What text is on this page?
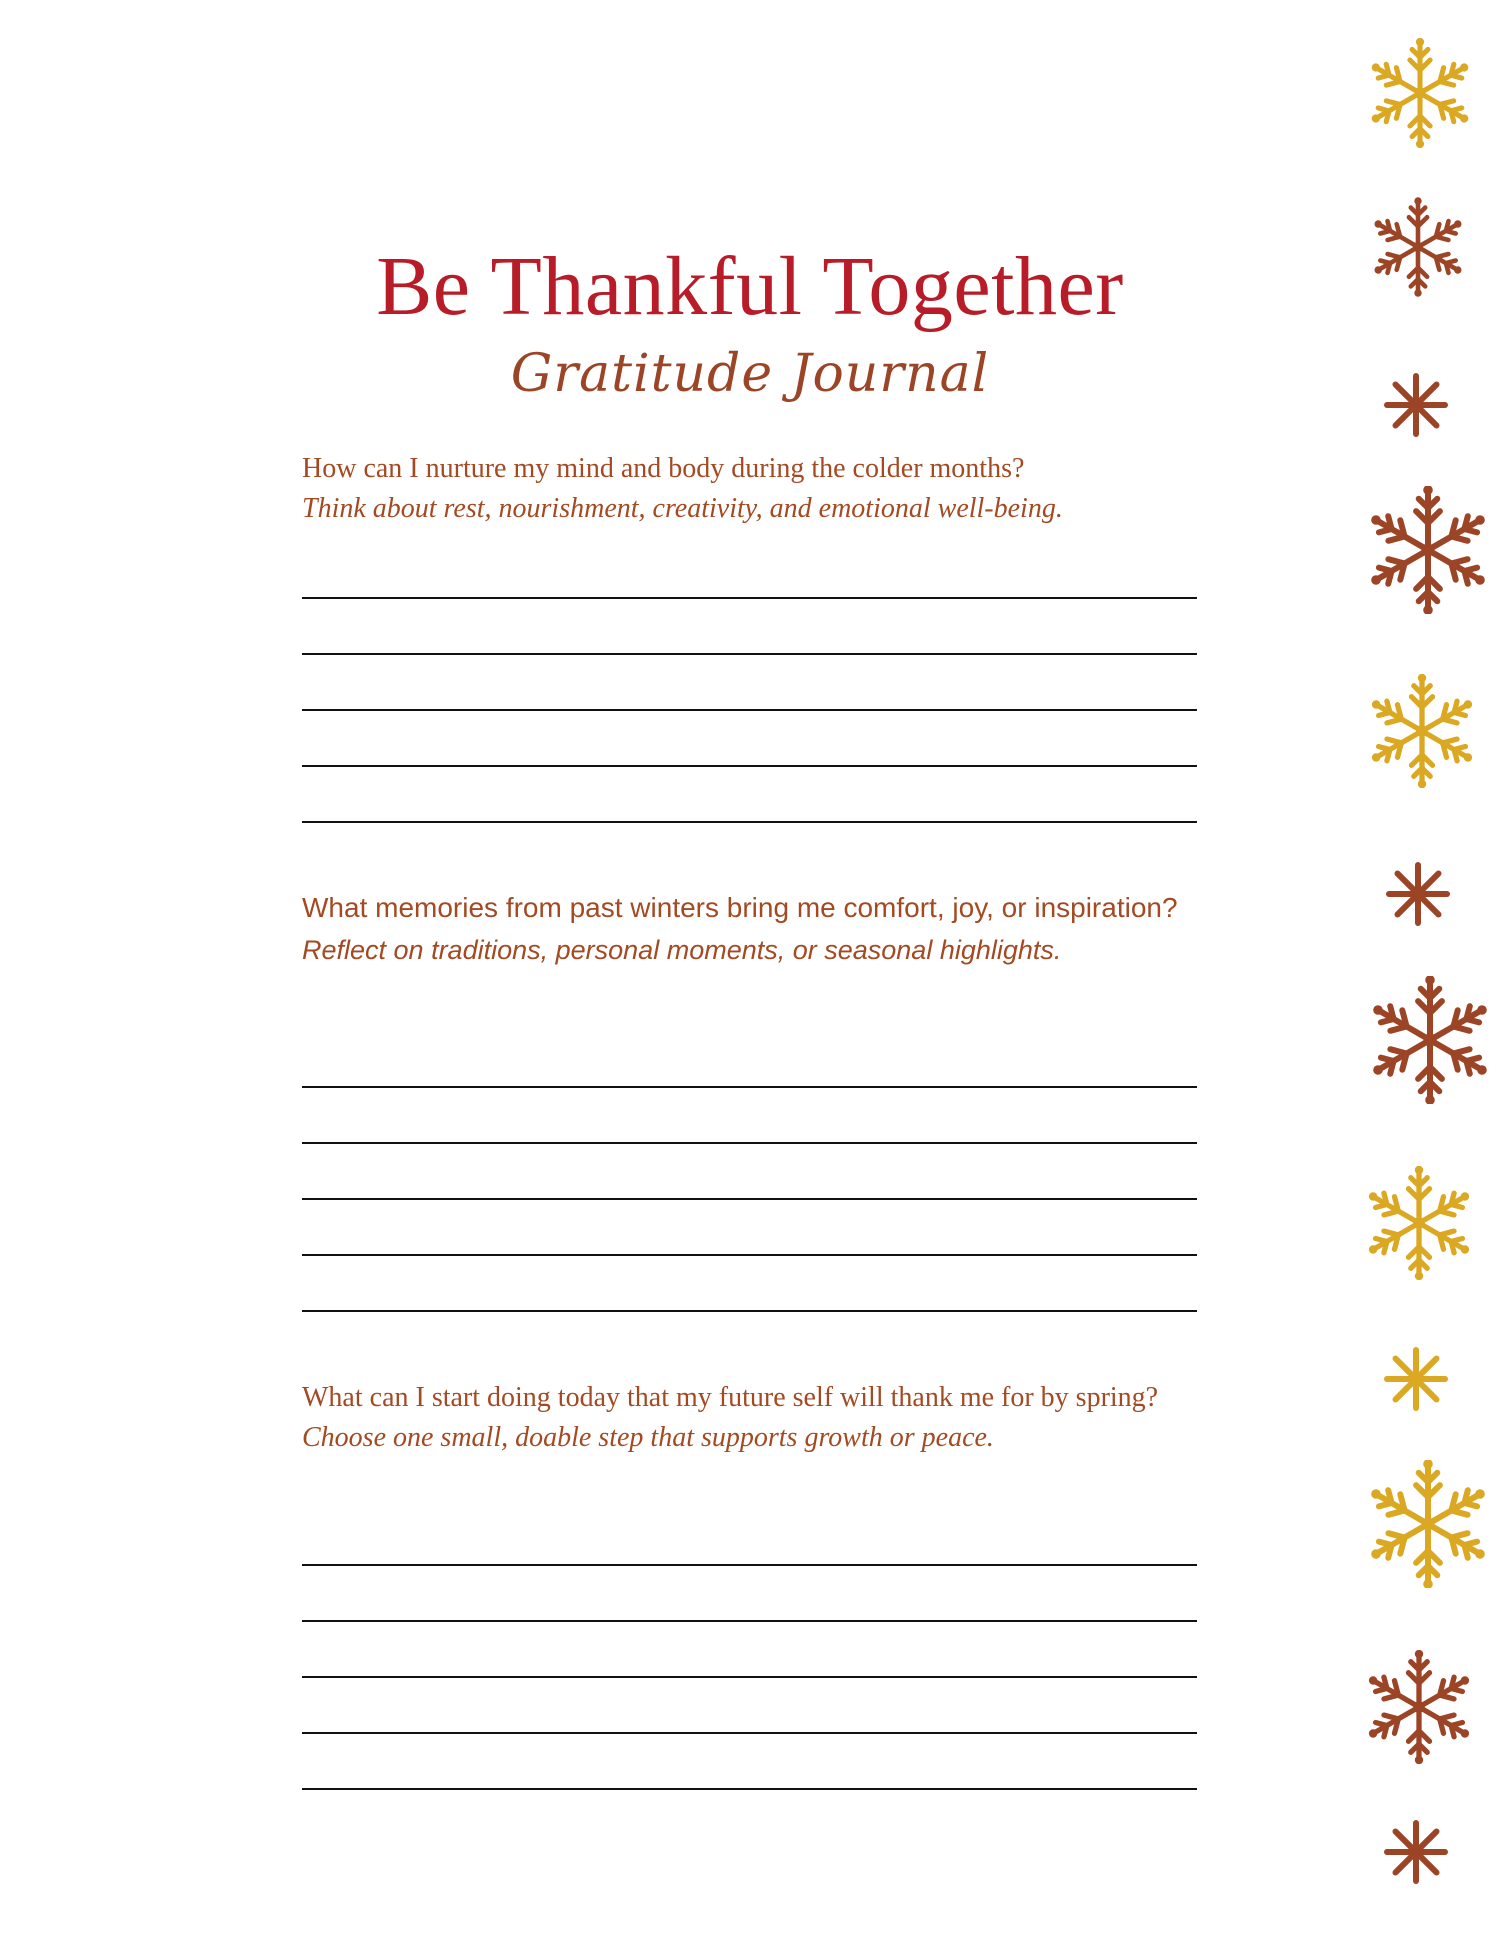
Be Thankful Together
Gratitude Journal
How can I nurture my mind and body during the colder months?
Think about rest, nourishment, creativity, and emotional well-being.
What memories from past winters bring me comfort, joy, or inspiration?
Reflect on traditions, personal moments, or seasonal highlights.
What can I start doing today that my future self will thank me for by spring?
Choose one small, doable step that supports growth or peace.
